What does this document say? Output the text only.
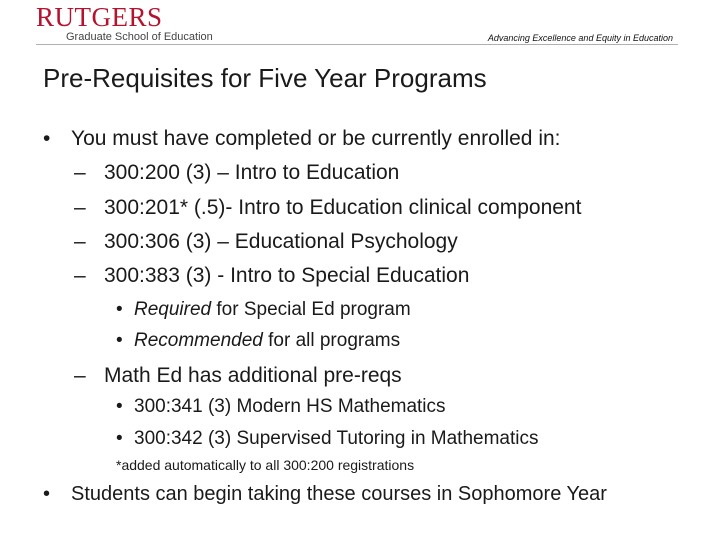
RUTGERS
Graduate School of Education	Advancing Excellence and Equity in Education
Pre-Requisites for Five Year Programs
• You must have completed or be currently enrolled in:
– 300:200 (3) – Intro to Education
– 300:201* (.5)- Intro to Education clinical component
– 300:306 (3) – Educational Psychology
– 300:383 (3) - Intro to Special Education
• Required for Special Ed program
• Recommended for all programs
– Math Ed has additional pre-reqs
• 300:341 (3) Modern HS Mathematics
• 300:342 (3) Supervised Tutoring in Mathematics
*added automatically to all 300:200 registrations
• Students can begin taking these courses in Sophomore Year
